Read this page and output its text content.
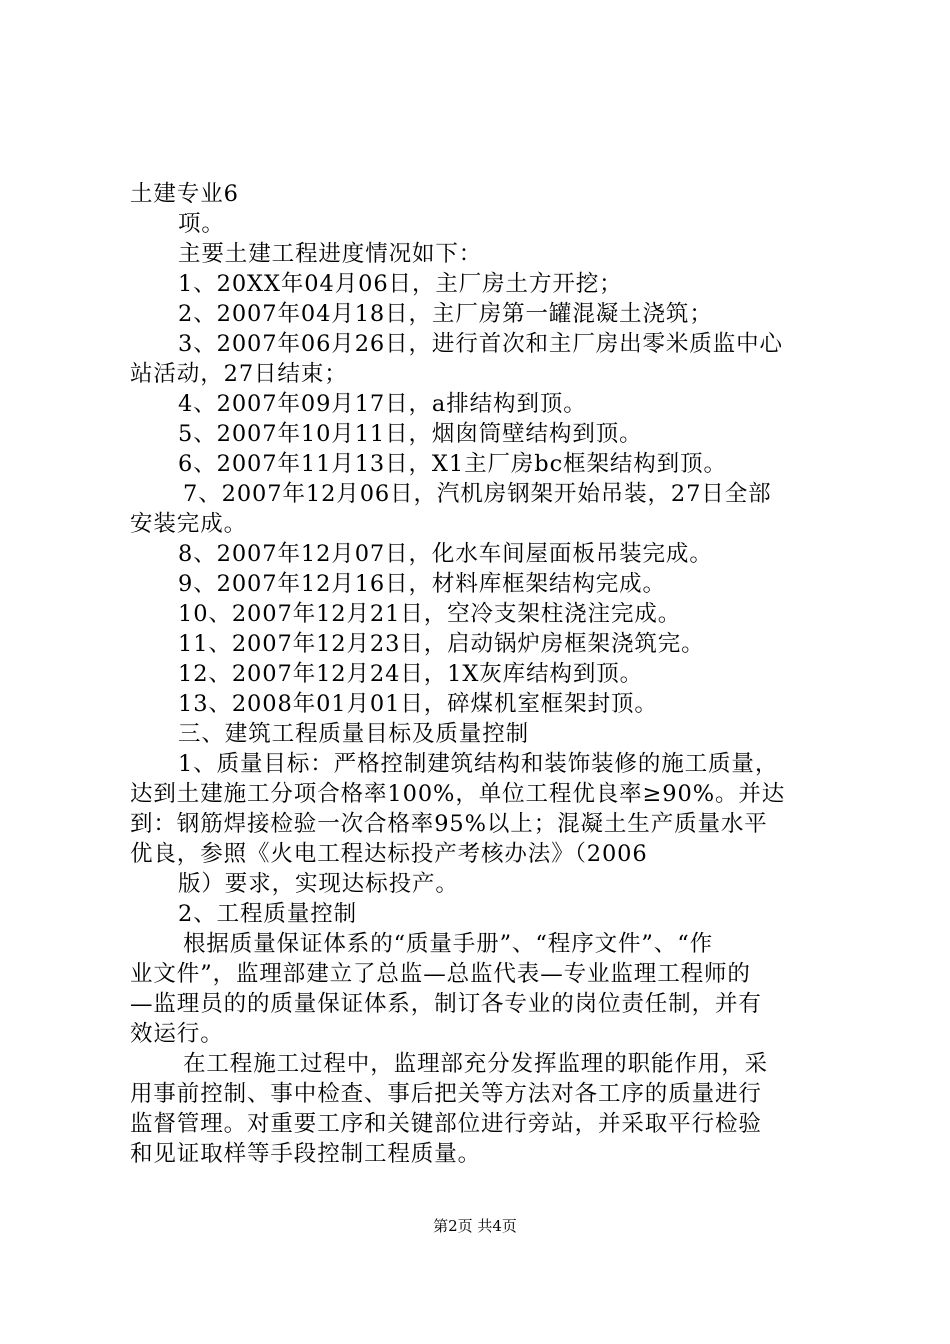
土建专业6
项。
主要土建工程进度情况如下：
1、20XX年04月06日，主厂房土方开挖；
2、2007年04月18日，主厂房第一罐混凝土浇筑；
3、2007年06月26日，进行首次和主厂房出零米质监中心
站活动，27日结束；
4、2007年09月17日，a排结构到顶。
5、2007年10月11日，烟囱筒壁结构到顶。
6、2007年11月13日，X1主厂房bc框架结构到顶。
7、2007年12月06日，汽机房钢架开始吊装，27日全部
安装完成。
8、2007年12月07日，化水车间屋面板吊装完成。
9、2007年12月16日，材料库框架结构完成。
10、2007年12月21日，空冷支架柱浇注完成。
11、2007年12月23日，启动锅炉房框架浇筑完。
12、2007年12月24日，1X灰库结构到顶。
13、2008年01月01日，碎煤机室框架封顶。
三、建筑工程质量目标及质量控制
1、质量目标：严格控制建筑结构和装饰装修的施工质量，
达到土建施工分项合格率100%，单位工程优良率≥90%。并达
到：钢筋焊接检验一次合格率95%以上；混凝土生产质量水平
优良，参照《火电工程达标投产考核办法》（2006
版）要求，实现达标投产。
2、工程质量控制
根据质量保证体系的“质量手册”、“程序文件”、“作
业文件”，监理部建立了总监—总监代表—专业监理工程师的
—监理员的的质量保证体系，制订各专业的岗位责任制，并有
效运行。
在工程施工过程中，监理部充分发挥监理的职能作用，采
用事前控制、事中检查、事后把关等方法对各工序的质量进行
监督管理。对重要工序和关键部位进行旁站，并采取平行检验
和见证取样等手段控制工程质量。
第2页 共4页
